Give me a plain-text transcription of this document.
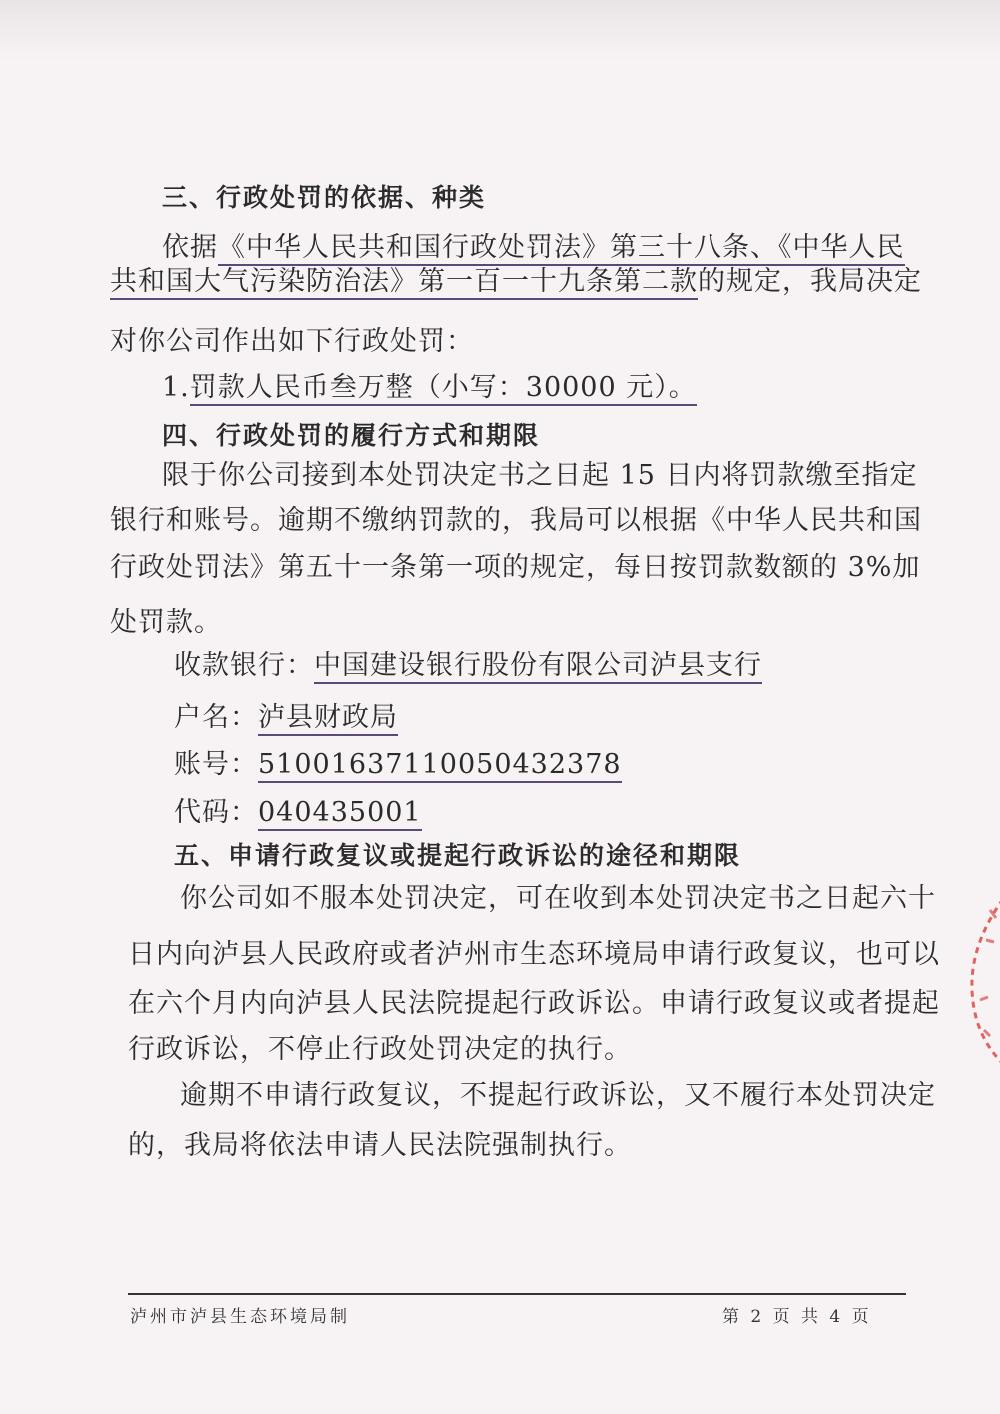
三、行政处罚的依据、种类
依据《中华人民共和国行政处罚法》第三十八条、《中华人民
共和国大气污染防治法》第一百一十九条第二款的规定，我局决定
对你公司作出如下行政处罚：
1.罚款人民币叁万整（小写：30000 元）。
四、行政处罚的履行方式和期限
限于你公司接到本处罚决定书之日起 15 日内将罚款缴至指定
银行和账号。逾期不缴纳罚款的，我局可以根据《中华人民共和国
行政处罚法》第五十一条第一项的规定，每日按罚款数额的 3%加
处罚款。
收款银行：中国建设银行股份有限公司泸县支行
户名：泸县财政局
账号：51001637110050432378
代码：040435001
五、申请行政复议或提起行政诉讼的途径和期限
你公司如不服本处罚决定，可在收到本处罚决定书之日起六十
日内向泸县人民政府或者泸州市生态环境局申请行政复议，也可以
在六个月内向泸县人民法院提起行政诉讼。申请行政复议或者提起
行政诉讼，不停止行政处罚决定的执行。
逾期不申请行政复议，不提起行政诉讼，又不履行本处罚决定
的，我局将依法申请人民法院强制执行。
泸州市泸县生态环境局制	第 2 页 共 4 页
